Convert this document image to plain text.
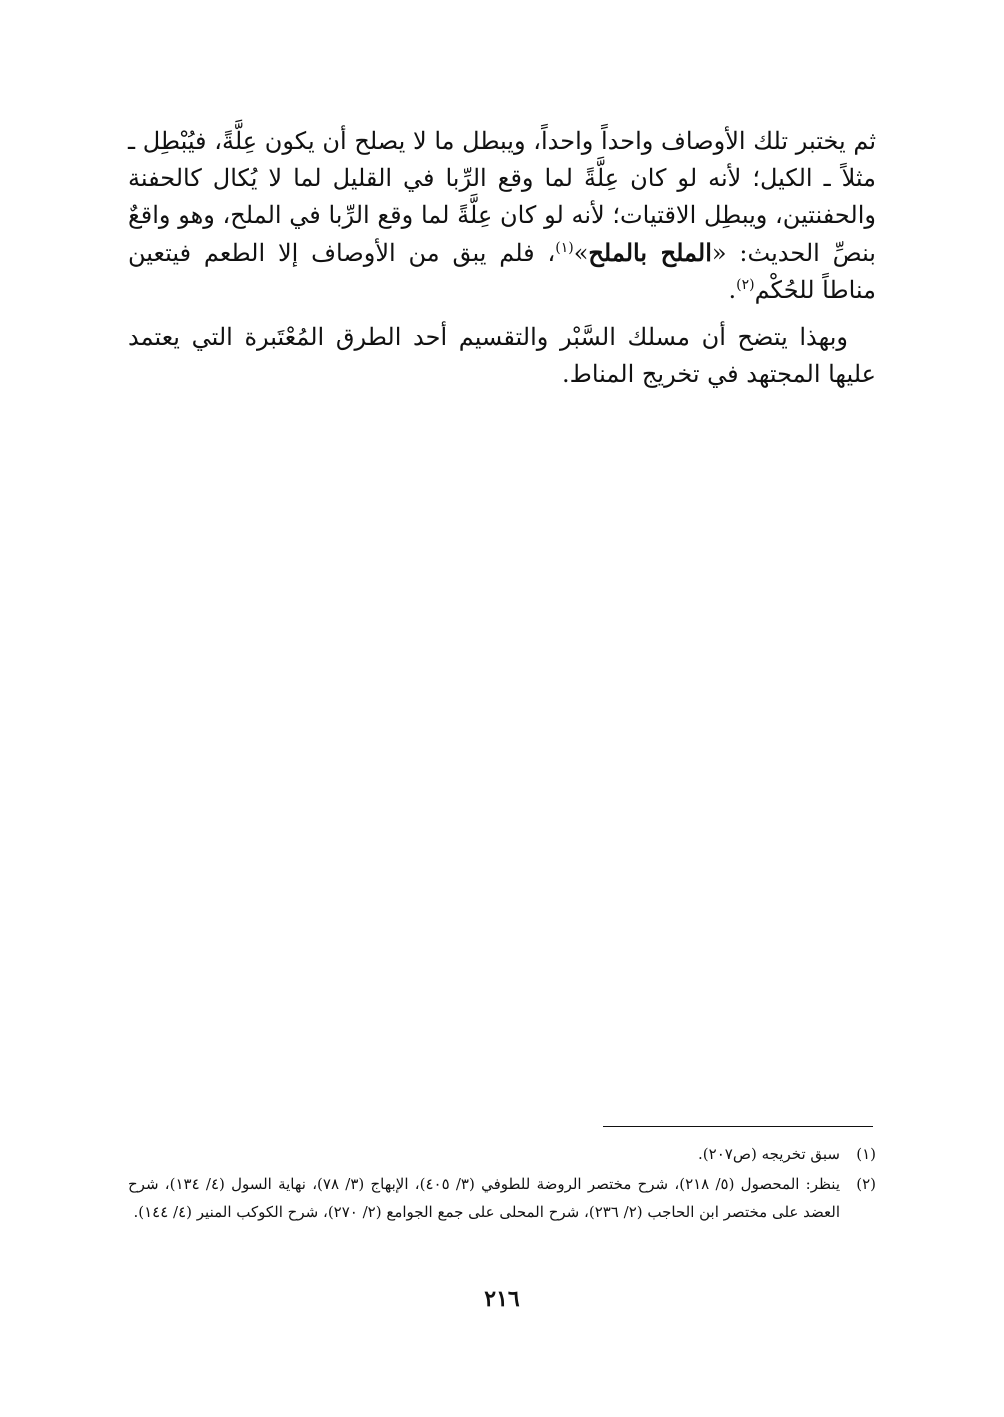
ثم يختبر تلك الأوصاف واحداً واحداً، ويبطل ما لا يصلح أن يكون عِلَّةً، فيُبْطِل ـ مثلاً ـ الكيل؛ لأنه لو كان عِلَّةً لما وقع الرِّبا في القليل لما لا يُكال كالحفنة والحفنتين، ويبطِل الاقتيات؛ لأنه لو كان عِلَّةً لما وقع الرِّبا في الملح، وهو واقعٌ بنصِّ الحديث: «الملح بالملح»$^{(١)}$، فلم يبق من الأوصاف إلا الطعم فيتعين مناطاً للحُكْم$^{(٢)}$.

وبهذا يتضح أن مسلك السَّبْر والتقسيم أحد الطرق المُعْتَبرة التي يعتمد عليها المجتهد في تخريج المناط.

(١)
سبق تخريجه (ص٢٠٧).
(٢)
ينظر: المحصول (٥/ ٢١٨)، شرح مختصر الروضة للطوفي (٣/ ٤٠٥)، الإبهاج (٣/ ٧٨)، نهاية السول (٤/ ١٣٤)، شرح العضد على مختصر ابن الحاجب (٢/ ٢٣٦)، شرح المحلى على جمع الجوامع (٢/ ٢٧٠)، شرح الكوكب المنير (٤/ ١٤٤).
٢١٦
